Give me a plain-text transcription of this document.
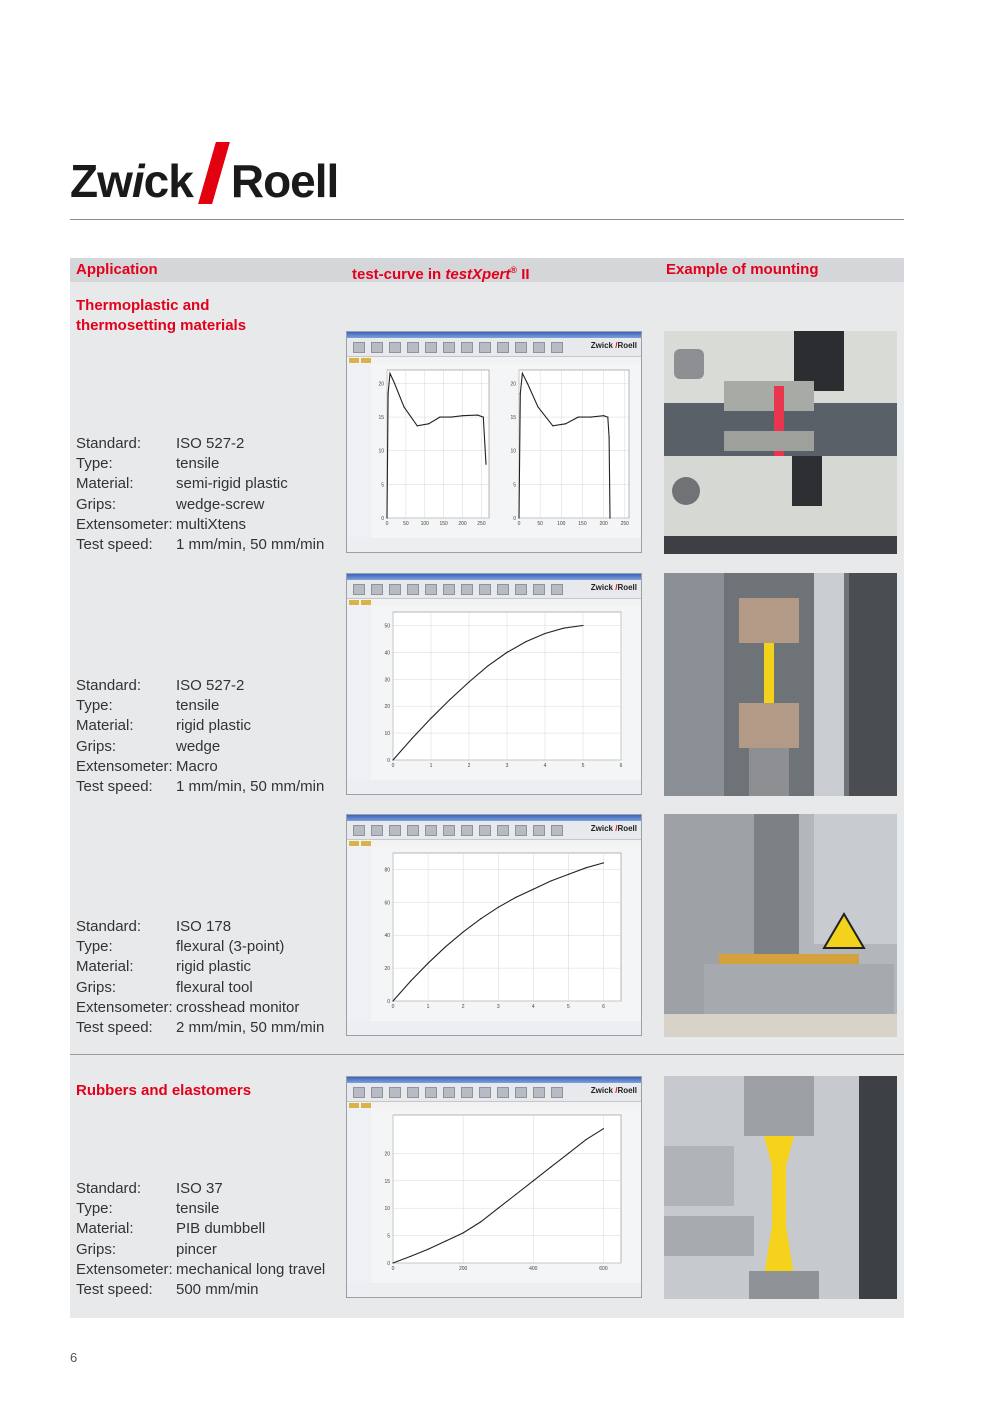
Zwick Roell
Application	test-curve in testXpert® II	Example of mounting
Thermoplastic and
thermosetting materials
Rubbers and elastomers
Standard: ISO 527-2
Type:	tensile
Material:	semi-rigid plastic
Grips:	wedge-screw
Extensometer: multiXtens
Test speed: 1 mm/min, 50 mm/min
Standard: ISO 527-2
Type:	tensile
Material:	rigid plastic
Grips:	wedge
Extensometer: Macro
Test speed: 1 mm/min, 50 mm/min
Standard: ISO 178
Type:	flexural (3-point)
Material:	rigid plastic
Grips:	flexural tool
Extensometer: crosshead monitor
Test speed: 2 mm/min, 50 mm/min
Standard: ISO 37
Type:	tensile
Material:	PIB dumbbell
Grips:	pincer
Extensometer: mechanical long travel
Test speed: 500 mm/min
Zwick /Roell
0	50 100 150 200 250
0
5
10
15
20
0	50	100	150	200	250
0
5
10
15
20
Zwick /Roell
0	1	2	3	4	5	6
0
10
20
30
40
50
Zwick /Roell
0	1	2	3	4	5	6
0
20
40
60
80
Zwick /Roell
0	200	400	600
0
5
10
15
20
6
